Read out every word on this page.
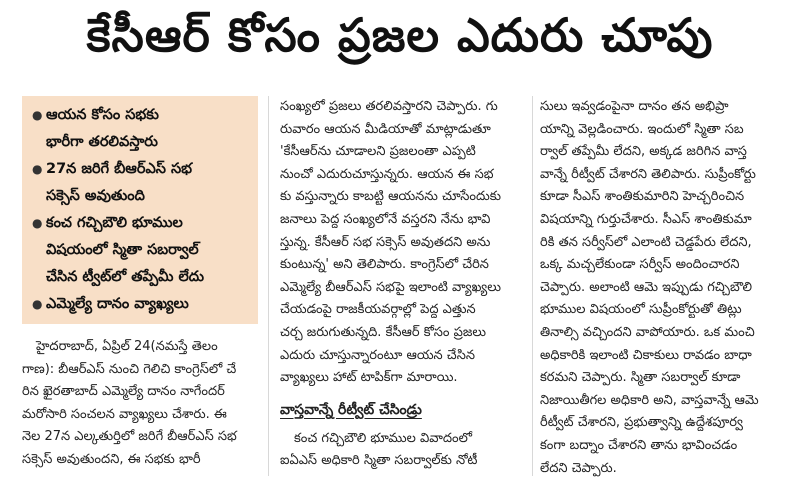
కేసీఆర్ కోసం ప్రజల ఎదురు చూపు
● ఆయన కోసం సభకు
భారీగా తరలివస్తారు
● 27న జరిగే బీఆర్ఎస్ సభ
సక్సెస్ అవుతుంది
● కంచ గచ్చిబౌలి భూముల
విషయంలో స్మితా సబర్వాల్
చేసిన ట్వీట్‌లో తప్పేమీ లేదు
● ఎమ్మెల్యే దానం వ్యాఖ్యలు
హైదరాబాద్, ఏప్రిల్ 24(నమస్తే తెలం
గాణ): బీఆర్ఎస్ నుంచి గెలిచి కాంగ్రెస్‌లో చే
రిన ఖైరతాబాద్ ఎమ్మెల్యే దానం నాగేందర్
మరోసారి సంచలన వ్యాఖ్యలు చేశారు. ఈ
నెల 27న ఎల్కతుర్తిలో జరిగే బీఆర్ఎస్ సభ
సక్సెస్ అవుతుందని, ఈ సభకు భారీ
సంఖ్యలో ప్రజలు తరలివస్తారని చెప్పారు. గు
రువారం ఆయన మీడియాతో మాట్లాడుతూ
'కేసీఆర్‌ను చూడాలని ప్రజలంతా ఎప్పటి
నుంచో ఎదురుచూస్తున్నరు. ఆయన ఈ సభ
కు వస్తున్నారు కాబట్టి ఆయనను చూసేందుకు
జనాలు పెద్ద సంఖ్యలోనే వస్తరని నేను భావి
స్తున్న. కేసీఆర్ సభ సక్సెస్ అవుతదని అను
కుంటున్న' అని తెలిపారు. కాంగ్రెస్‌లో చేరిన
ఎమ్మెల్యే బీఆర్ఎస్ సభపై ఇలాంటి వ్యాఖ్యలు
చేయడంపై రాజకీయవర్గాల్లో పెద్ద ఎత్తున
చర్చ జరుగుతున్నది. కేసీఆర్ కోసం ప్రజలు
ఎదురు చూస్తున్నారంటూ ఆయన చేసిన
వ్యాఖ్యలు హాట్ టాపిక్‌గా మారాయి.
వాస్తవాన్నే రీట్వీట్ చేసిండ్రు
కంచ గచ్చిబౌలి భూముల వివాదంలో
ఐఏఎస్ అధికారి స్మితా సబర్వాల్‌కు నోటీ
సులు ఇవ్వడంపైనా దానం తన అభిప్రా
యాన్ని వెల్లడించారు. ఇందులో స్మితా సబ
ర్వాల్ తప్పేమీ లేదని, అక్కడ జరిగిన వాస్త
వాన్నే రీట్వీట్ చేశారని తెలిపారు. సుప్రీంకోర్టు
కూడా సీఎస్ శాంతికుమారిని హెచ్చరించిన
విషయాన్ని గుర్తుచేశారు. సీఎస్ శాంతికుమా
రికి తన సర్వీస్‌లో ఎలాంటి చెడ్డపేరు లేదని,
ఒక్క మచ్చలేకుండా సర్వీస్ అందించారని
చెప్పారు. అలాంటి ఆమె ఇప్పుడు గచ్చిబౌలి
భూముల విషయంలో సుప్రీంకోర్టుతో తిట్లు
తినాల్సి వచ్చిందని వాపోయారు. ఒక మంచి
అధికారికి ఇలాంటి చికాకులు రావడం బాధా
కరమని చెప్పారు. స్మితా సబర్వాల్ కూడా
నిజాయితీగల అధికారి అని, వాస్తవాన్నే ఆమె
రీట్వీట్ చేశారని, ప్రభుత్వాన్ని ఉద్దేశపూర్వ
కంగా బద్నాం చేశారని తాను భావించడం
లేదని చెప్పారు.
